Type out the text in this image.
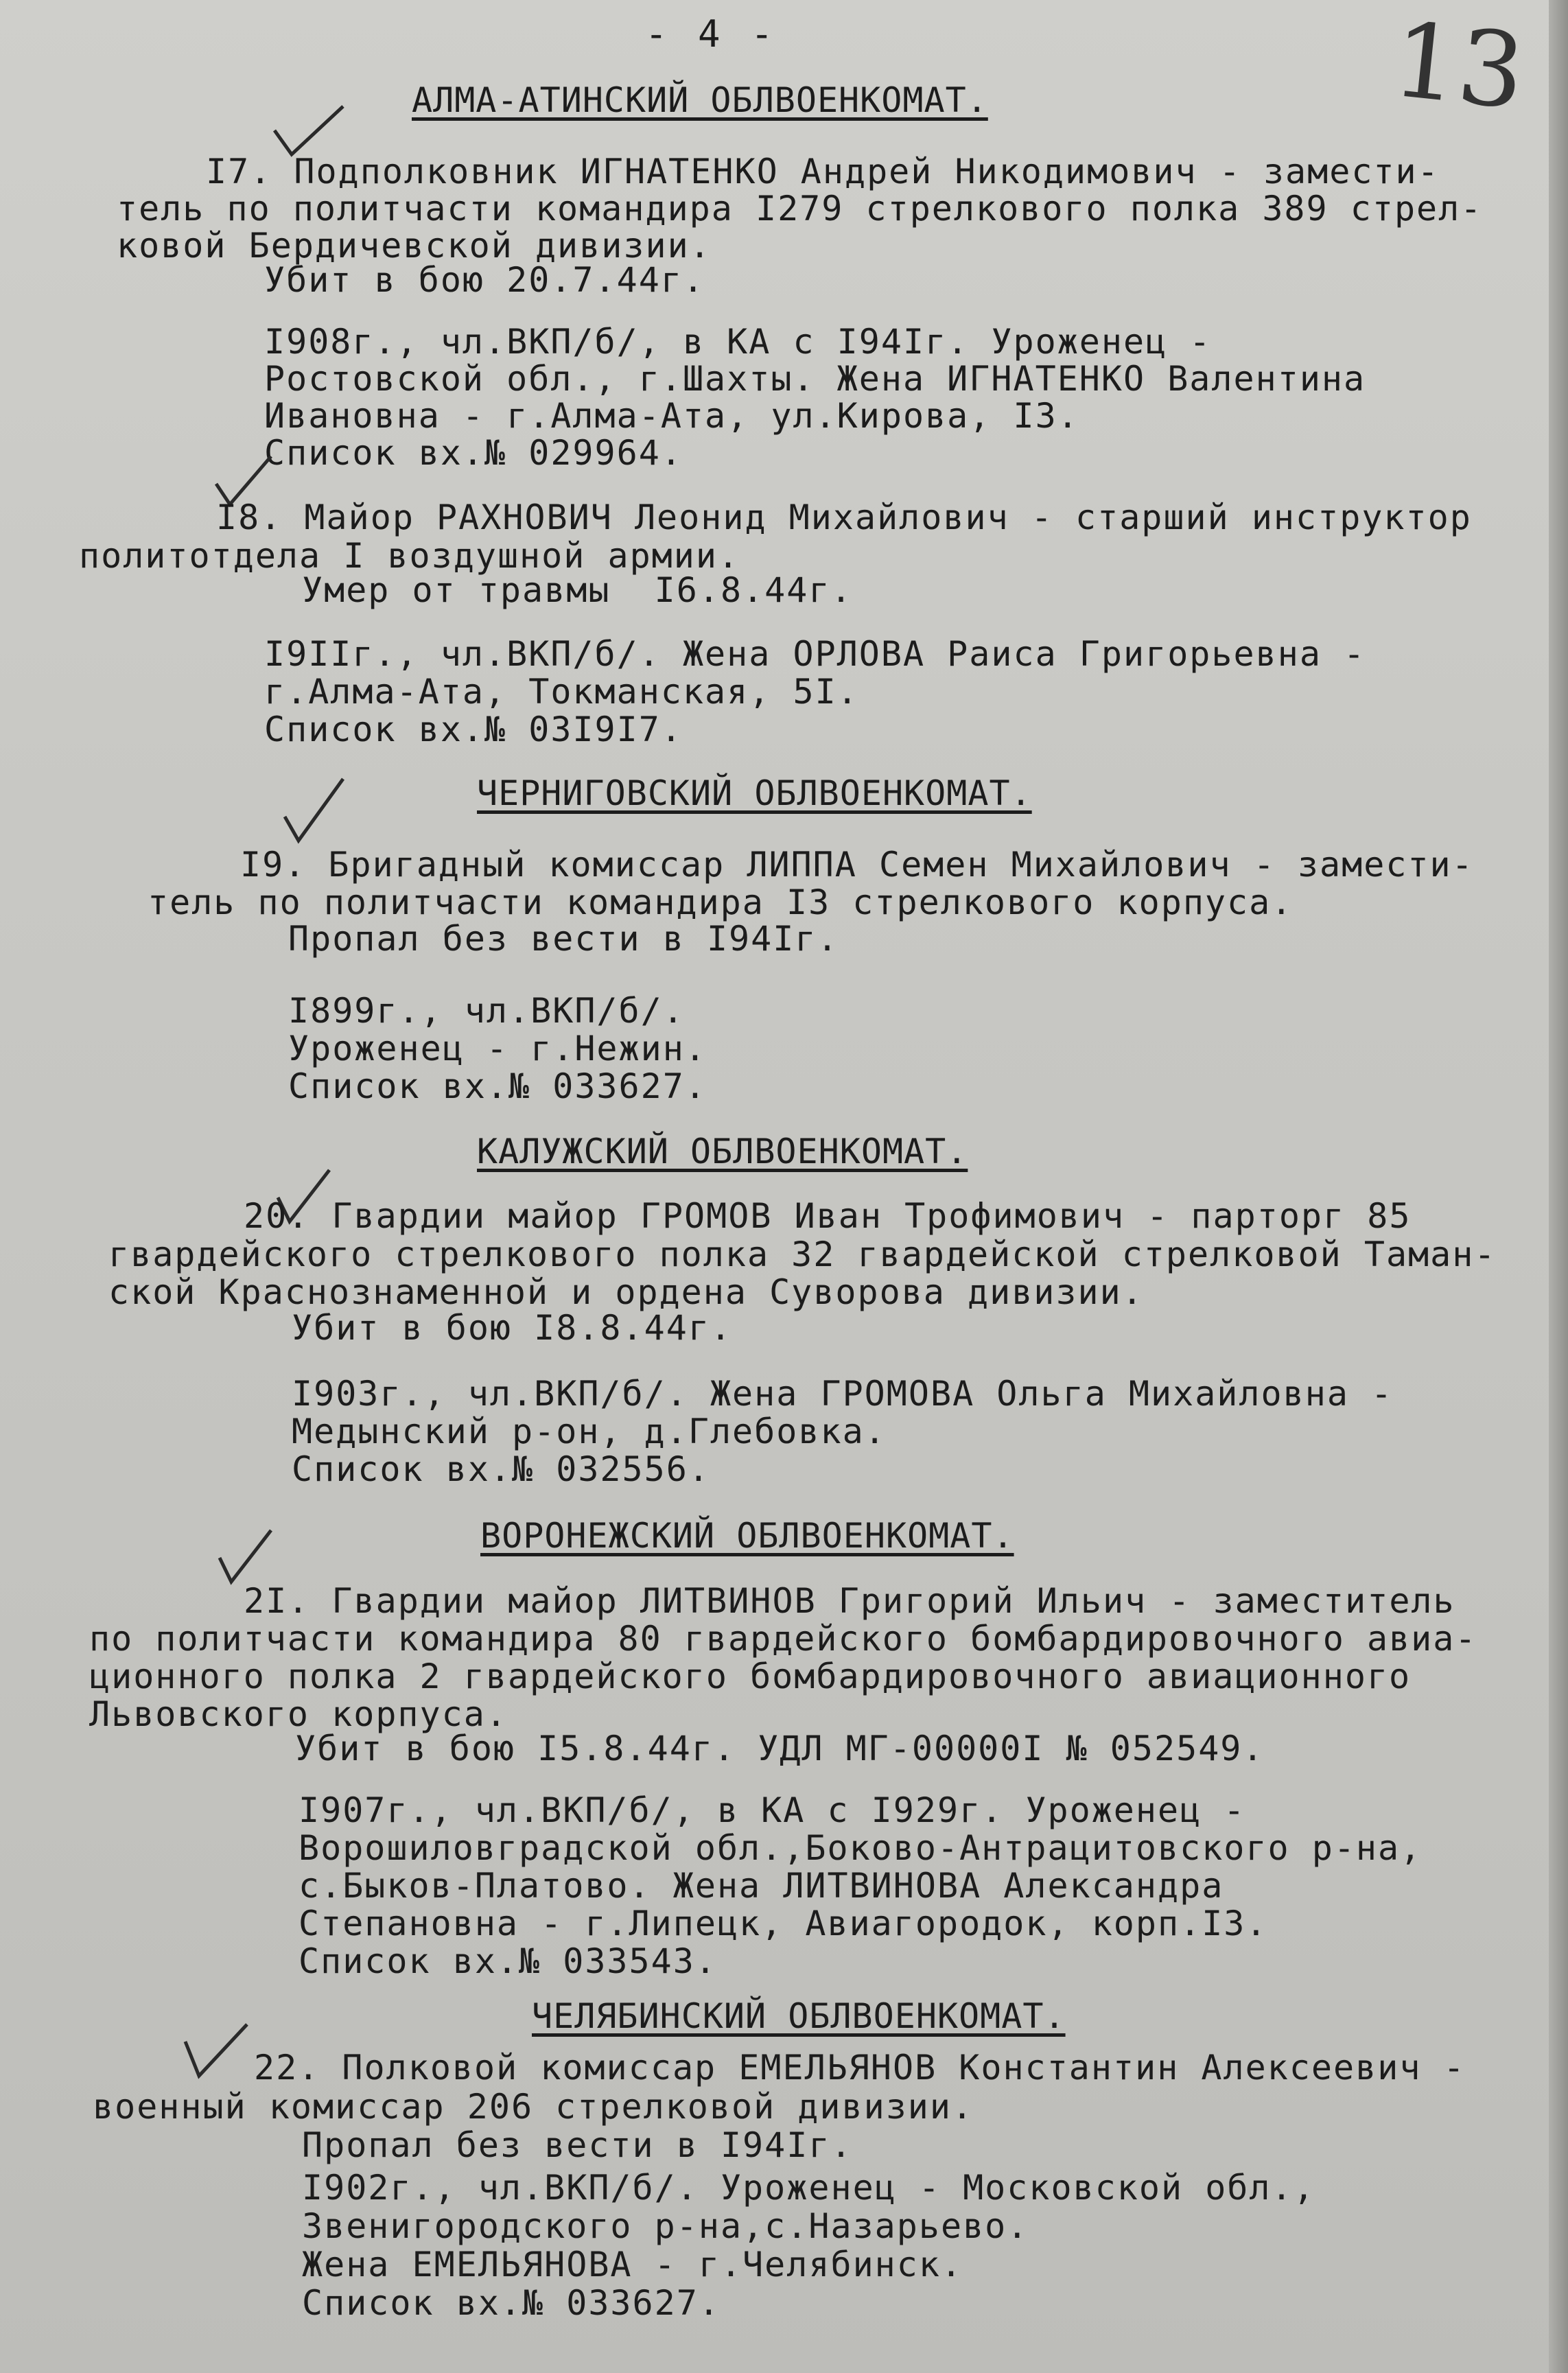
- 4 -	13
АЛМА-АТИНСКИЙ ОБЛВОЕНКОМАТ.
I7. Подполковник ИГНАТЕНКО Андрей Никодимович - замести-
тель по политчасти командира I279 стрелкового полка 389 стрел-
ковой Бердичевской дивизии.
Убит в бою 20.7.44г.
I908г., чл.ВКП/б/, в КА с I94Iг. Уроженец -
Ростовской обл., г.Шахты. Жена ИГНАТЕНКО Валентина
Ивановна - г.Алма-Ата, ул.Кирова, I3.
Список вх.№ 029964.
I8. Майор РАХНОВИЧ Леонид Михайлович - старший инструктор
политотдела I воздушной армии.
Умер от травмы  I6.8.44г.
I9IIг., чл.ВКП/б/. Жена ОРЛОВА Раиса Григорьевна -
г.Алма-Ата, Токманская, 5I.
Список вх.№ 03I9I7.
ЧЕРНИГОВСКИЙ ОБЛВОЕНКОМАТ.
I9. Бригадный комиссар ЛИППА Семен Михайлович - замести-
тель по политчасти командира I3 стрелкового корпуса.
Пропал без вести в I94Iг.
I899г., чл.ВКП/б/.
Уроженец - г.Нежин.
Список вх.№ 033627.
КАЛУЖСКИЙ ОБЛВОЕНКОМАТ.
20. Гвардии майор ГРОМОВ Иван Трофимович - парторг 85
гвардейского стрелкового полка 32 гвардейской стрелковой Таман-
ской Краснознаменной и ордена Суворова дивизии.
Убит в бою I8.8.44г.
I903г., чл.ВКП/б/. Жена ГРОМОВА Ольга Михайловна -
Медынский р-он, д.Глебовка.
Список вх.№ 032556.
ВОРОНЕЖСКИЙ ОБЛВОЕНКОМАТ.
2I. Гвардии майор ЛИТВИНОВ Григорий Ильич - заместитель
по политчасти командира 80 гвардейского бомбардировочного авиа-
ционного полка 2 гвардейского бомбардировочного авиационного
Львовского корпуса.
Убит в бою I5.8.44г. УДЛ МГ-00000I № 052549.
I907г., чл.ВКП/б/, в КА с I929г. Уроженец -
Ворошиловградской обл.,Боково-Антрацитовского р-на,
с.Быков-Платово. Жена ЛИТВИНОВА Александра
Степановна - г.Липецк, Авиагородок, корп.I3.
Список вх.№ 033543.
ЧЕЛЯБИНСКИЙ ОБЛВОЕНКОМАТ.
22. Полковой комиссар ЕМЕЛЬЯНОВ Константин Алексеевич -
военный комиссар 206 стрелковой дивизии.
Пропал без вести в I94Iг.
I902г., чл.ВКП/б/. Уроженец - Московской обл.,
Звенигородского р-на,с.Назарьево.
Жена ЕМЕЛЬЯНОВА - г.Челябинск.
Список вх.№ 033627.
